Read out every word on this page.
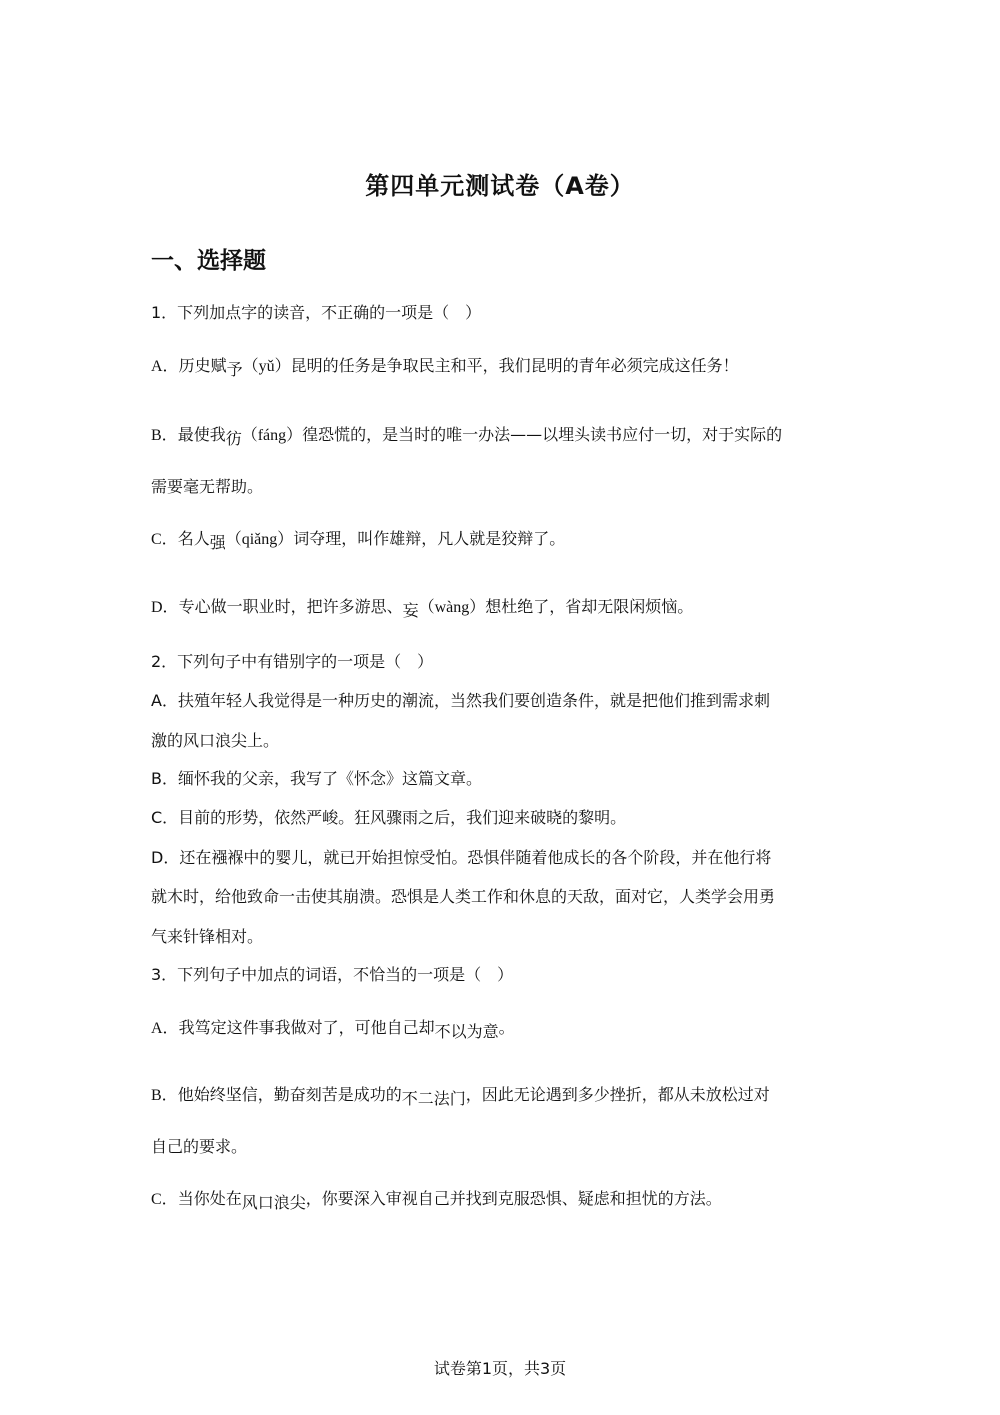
第四单元测试卷（A卷）
一、选择题
1．下列加点字的读音，不正确的一项是（　）
A．历史赋予（yǔ）昆明的任务是争取民主和平，我们昆明的青年必须完成这任务！
B．最使我彷（fáng）徨恐慌的，是当时的唯一办法——以埋头读书应付一切，对于实际的
需要毫无帮助。
C．名人强（qiǎng）词夺理，叫作雄辩，凡人就是狡辩了。
D．专心做一职业时，把许多游思、妄（wàng）想杜绝了，省却无限闲烦恼。
2．下列句子中有错别字的一项是（　）
A．扶殖年轻人我觉得是一种历史的潮流，当然我们要创造条件，就是把他们推到需求刺
激的风口浪尖上。
B．缅怀我的父亲，我写了《怀念》这篇文章。
C．目前的形势，依然严峻。狂风骤雨之后，我们迎来破晓的黎明。
D．还在襁褓中的婴儿，就已开始担惊受怕。恐惧伴随着他成长的各个阶段，并在他行将
就木时，给他致命一击使其崩溃。恐惧是人类工作和休息的天敌，面对它，人类学会用勇
气来针锋相对。
3．下列句子中加点的词语，不恰当的一项是（　）
A．我笃定这件事我做对了，可他自己却不以为意。
B．他始终坚信，勤奋刻苦是成功的不二法门，因此无论遇到多少挫折，都从未放松过对
自己的要求。
C．当你处在风口浪尖，你要深入审视自己并找到克服恐惧、疑虑和担忧的方法。
试卷第1页，共3页
